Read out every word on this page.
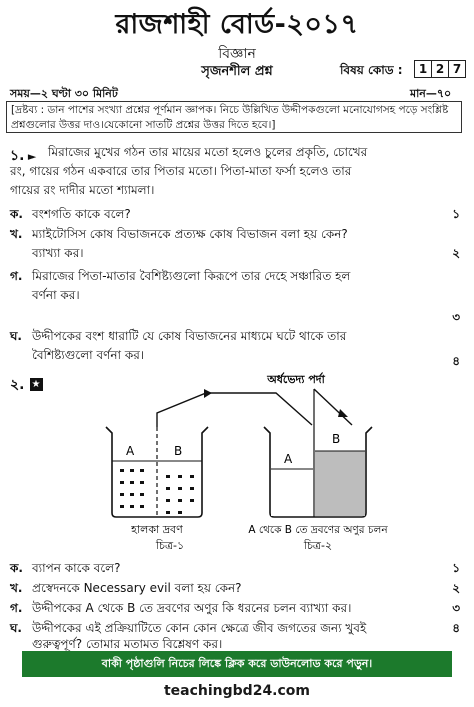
রাজশাহী বোর্ড-২০১৭
বিজ্ঞান
সৃজনশীল প্রশ্ন	বিষয় কোড :	1 2 7
সময়—২ ঘণ্টা ৩০ মিনিট	মান—৭০
[দ্রষ্টব্য : ডান পাশের সংখ্যা প্রশ্নের পূর্ণমান জ্ঞাপক। নিচে উল্লিখিত উদ্দীপকগুলো মনোযোগসহ পড়ে সংশ্লিষ্ট প্রশ্নগুলোর উত্তর দাও।যেকোনো সাতটি প্রশ্নের উত্তর দিতে হবে।]
১. ► মিরাজের মুখের গঠন তার মায়ের মতো হলেও চুলের প্রকৃতি, চোখের
রং, গায়ের গঠন একবারে তার পিতার মতো। পিতা-মাতা ফর্সা হলেও তার
গায়ের রং দাদীর মতো শ্যামলা।
ক. বংশগতি কাকে বলে?	১
খ. ম্যাইটোসিস কোষ বিভাজনকে প্রত্যক্ষ কোষ বিভাজন বলা হয় কেন?
ব্যাখ্যা কর।	২
গ. মিরাজের পিতা-মাতার বৈশিষ্ট্যগুলো কিরূপে তার দেহে সঞ্চারিত হল
বর্ণনা কর।
৩
ঘ. উদ্দীপকের বংশ ধারাটি যে কোষ বিভাজনের মাধ্যমে ঘটে থাকে তার
বৈশিষ্ট্যগুলো বর্ণনা কর।	৪
২. ★	অর্ধভেদ্য পর্দা
A	B
A
B
হালকা দ্রবণ
চিত্র-১
A থেকে B তে দ্রবণের অণুর চলন
চিত্র-২
ক. ব্যাপন কাকে বলে?	১
খ. প্রস্বেদনকে Necessary evil বলা হয় কেন?	২
গ. উদ্দীপকের A থেকে B তে দ্রবণের অণুর কি ধরনের চলন ব্যাখ্যা কর।	৩
ঘ. উদ্দীপকের এই প্রক্রিয়াটিতে কোন কোন ক্ষেত্রে জীব জগতের জন্য খুবই	৪
গুরুত্বপূর্ণ? তোমার মতামত বিশ্লেষণ কর।
বাকী পৃষ্ঠাগুলি নিচের লিঙ্কে ক্লিক করে ডাউনলোড করে পড়ুন।
teachingbd24.com
